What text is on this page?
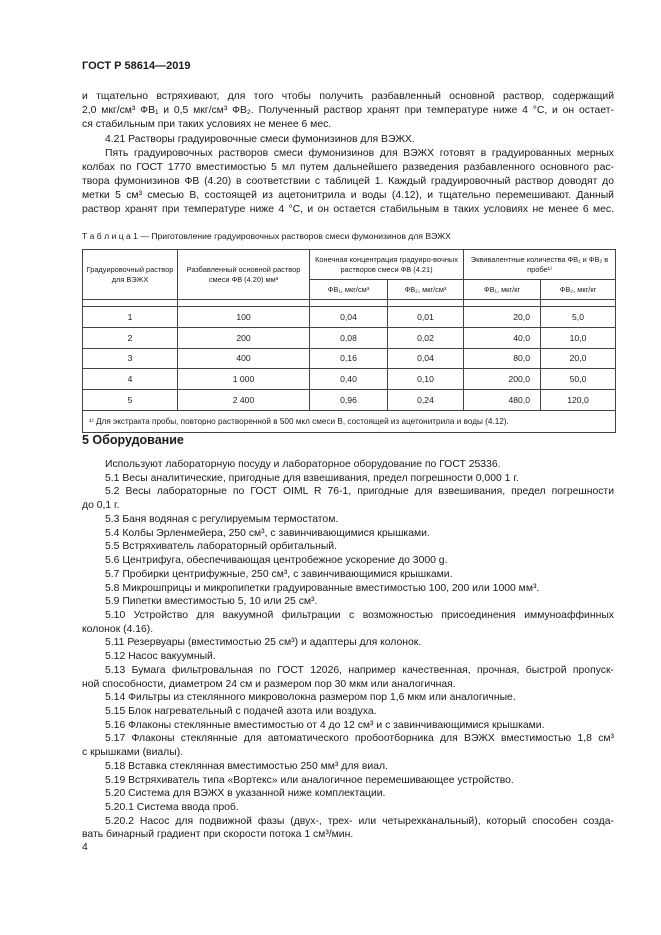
ГОСТ Р 58614—2019
и тщательно встряхивают, для того чтобы получить разбавленный основной раствор, содержащий
2,0 мкг/см³ ФВ₁ и 0,5 мкг/см³ ФВ₂. Полученный раствор хранят при температуре ниже 4 °С, и он остает-
ся стабильным при таких условиях не менее 6 мес.
4.21 Растворы градуировочные смеси фумонизинов для ВЭЖХ.
Пять градуировочных растворов смеси фумонизинов для ВЭЖХ готовят в градуированных мерных
колбах по ГОСТ 1770 вместимостью 5 мл путем дальнейшего разведения разбавленного основного рас-
твора фумонизинов ФВ (4.20) в соответствии с таблицей 1. Каждый градуировочный раствор доводят до
метки 5 см³ смесью В, состоящей из ацетонитрила и воды (4.12), и тщательно перемешивают. Данный
раствор хранят при температуре ниже 4 °С, и он остается стабильным в таких условиях не менее 6 мес.
Т а б л и ц а 1 — Приготовление градуировочных растворов смеси фумонизинов для ВЭЖХ
Градуировочный раствор для ВЭЖХ	Разбавленный основной раствор смеси ФВ (4.20) мм³	Конечная концентрация градуиро-вочных растворов смеси ФВ (4.21)		Эквивалентные количества ФВ₁ и ФВ₂ в пробе¹⁾	
		ФВ₁, мкг/см³	ФВ₂, мкг/см³	ФВ₁, мкг/кг	ФВ₂, мкг/кг

1	100	0,04	0,01	20,0	5,0
2	200	0,08	0,02	40,0	10,0
3	400	0,16	0,04	80,0	20,0
4	1 000	0,40	0,10	200,0	50,0
5	2 400	0,96	0,24	480,0	120,0
¹⁾ Для экстракта пробы, повторно растворенной в 500 мкл смеси В, состоящей из ацетонитрила и воды (4.12).					
5 Оборудование
Используют лабораторную посуду и лабораторное оборудование по ГОСТ 25336.
5.1 Весы аналитические, пригодные для взвешивания, предел погрешности 0,000 1 г.
5.2 Весы лабораторные по ГОСТ OIML R 76-1, пригодные для взвешивания, предел погрешности
до 0,1 г.
5.3 Баня водяная с регулируемым термостатом.
5.4 Колбы Эрленмейера, 250 см³, с завинчивающимися крышками.
5.5 Встряхиватель лабораторный орбитальный.
5.6 Центрифуга, обеспечивающая центробежное ускорение до 3000 g.
5.7 Пробирки центрифужные, 250 см³, с завинчивающимися крышками.
5.8 Микрошприцы и микропипетки градуированные вместимостью 100, 200 или 1000 мм³.
5.9 Пипетки вместимостью 5, 10 или 25 см³.
5.10 Устройство для вакуумной фильтрации с возможностью присоединения иммуноаффинных
колонок (4.16).
5.11 Резервуары (вместимостью 25 см³) и адаптеры для колонок.
5.12 Насос вакуумный.
5.13 Бумага фильтровальная по ГОСТ 12026, например качественная, прочная, быстрой пропуск-
ной способности, диаметром 24 см и размером пор 30 мкм или аналогичная.
5.14 Фильтры из стеклянного микроволокна размером пор 1,6 мкм или аналогичные.
5.15 Блок нагревательный с подачей азота или воздуха.
5.16 Флаконы стеклянные вместимостью от 4 до 12 см³ и с завинчивающимися крышками.
5.17 Флаконы стеклянные для автоматического пробоотборника для ВЭЖХ вместимостью 1,8 см³
с крышками (виалы).
5.18 Вставка стеклянная вместимостью 250 мм³ для виал.
5.19 Встряхиватель типа «Вортекс» или аналогичное перемешивающее устройство.
5.20 Система для ВЭЖХ в указанной ниже комплектации.
5.20.1 Система ввода проб.
5.20.2 Насос для подвижной фазы (двух-, трех- или четырехканальный), который способен созда-
вать бинарный градиент при скорости потока 1 см³/мин.
4
